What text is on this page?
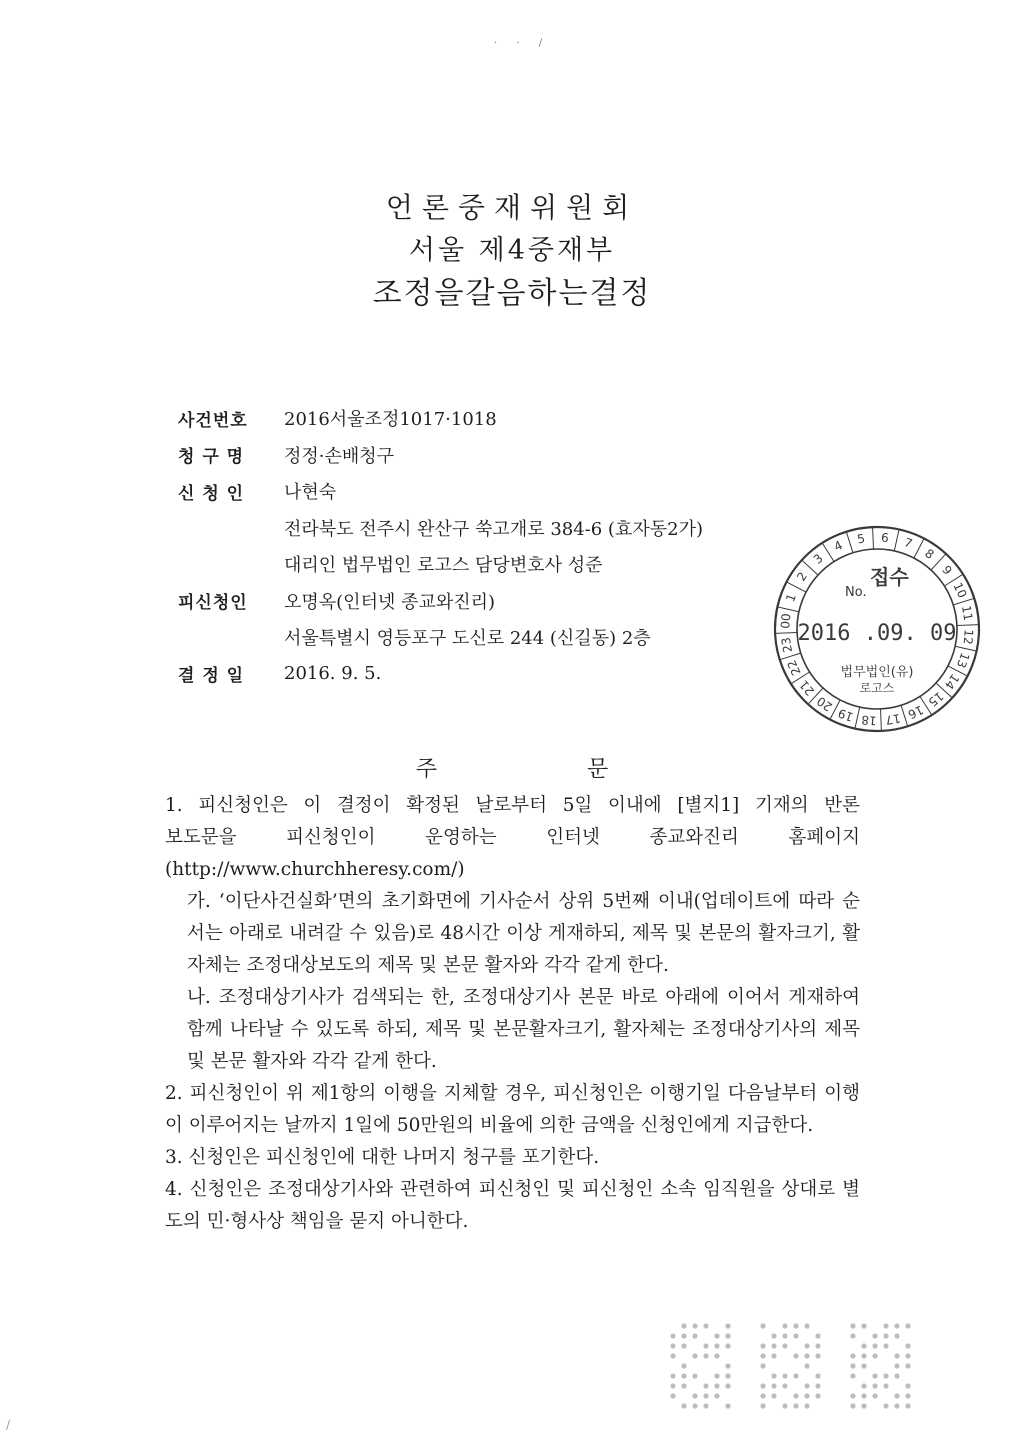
· · /
언론중재위원회
서울 제4중재부
조정을갈음하는결정
사건번호	2016서울조정1017·1018
청 구 명	정정·손배청구
신 청 인	나현숙
전라북도 전주시 완산구 쑥고개로 384-6 (효자동2가)
대리인 법무법인 로고스 담당변호사 성준
피신청인	오명옥(인터넷 종교와진리)
서울특별시 영등포구 도신로 244 (신길동) 2층
결 정 일	2016. 9. 5.
1
2
3
4 5 6 7
8
9
10
11
12
13
14
15
16
17
18
19
20
21
22
23
00
No.
접수
2016 .09. 09
법무법인(유)
로고스
주	문
1. 피신청인은 이 결정이 확정된 날로부터 5일 이내에 [별지1] 기재의 반론
보도문을 피신청인이 운영하는 인터넷 종교와진리 홈페이지
(http://www.churchheresy.com/)
가. ‘이단사건실화’면의 초기화면에 기사순서 상위 5번째 이내(업데이트에 따라 순서는 아래로 내려갈 수 있음)로 48시간 이상 게재하되, 제목 및 본문의 활자크기, 활자체는 조정대상보도의 제목 및 본문 활자와 각각 같게 한다.
나. 조정대상기사가 검색되는 한, 조정대상기사 본문 바로 아래에 이어서 게재하여 함께 나타날 수 있도록 하되, 제목 및 본문활자크기, 활자체는 조정대상기사의 제목 및 본문 활자와 각각 같게 한다.
2. 피신청인이 위 제1항의 이행을 지체할 경우, 피신청인은 이행기일 다음날부터 이행이 이루어지는 날까지 1일에 50만원의 비율에 의한 금액을 신청인에게 지급한다.
3. 신청인은 피신청인에 대한 나머지 청구를 포기한다.
4. 신청인은 조정대상기사와 관련하여 피신청인 및 피신청인 소속 임직원을 상대로 별도의 민·형사상 책임을 묻지 아니한다.
/
